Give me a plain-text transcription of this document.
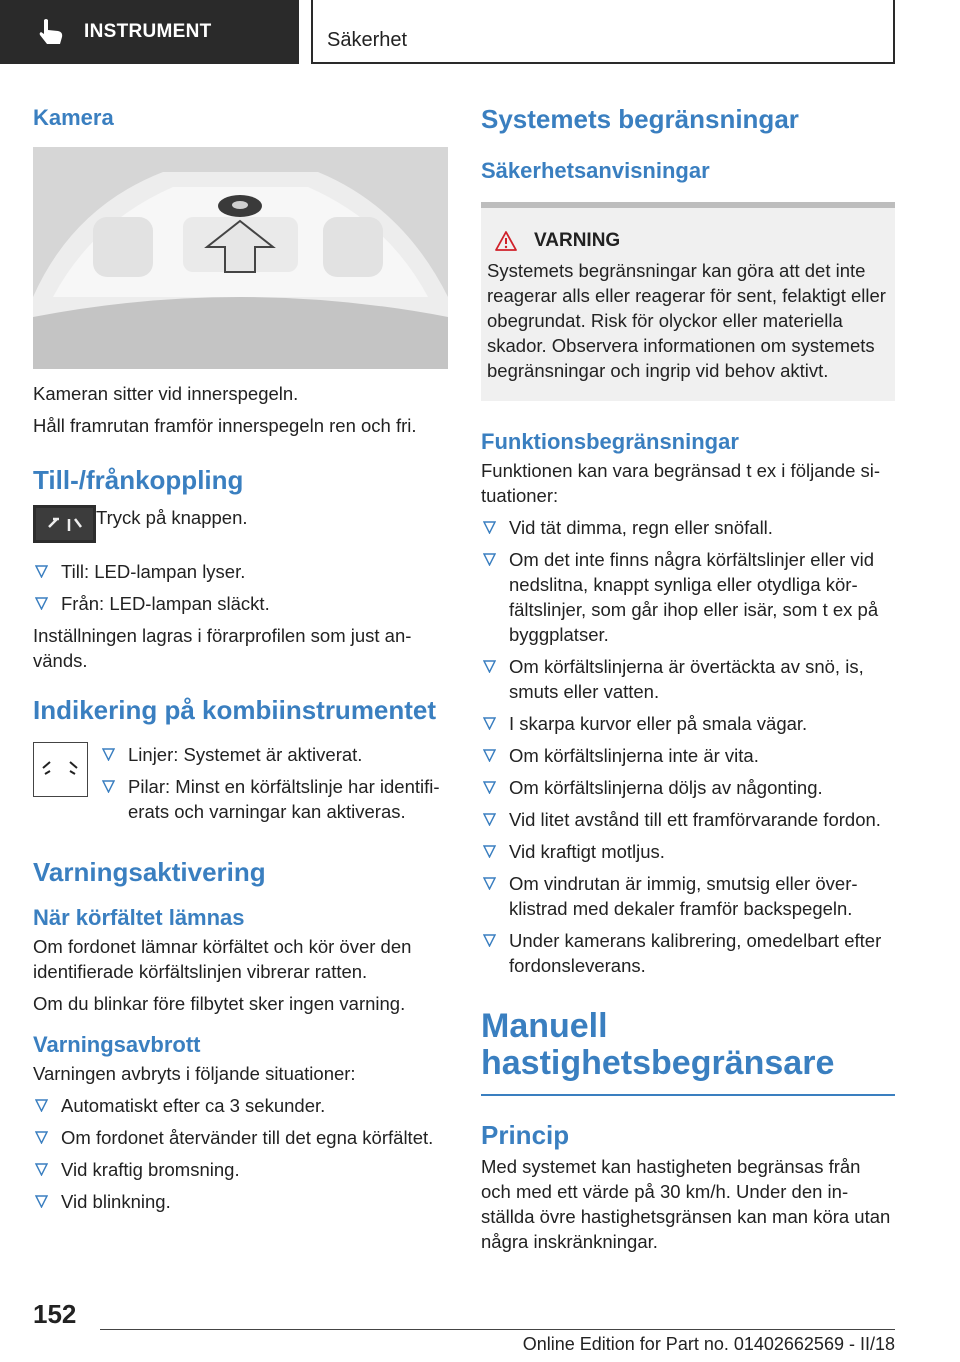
INSTRUMENT	Säkerhet
Kamera
Kameran sitter vid innerspegeln.
Håll framrutan framför innerspegeln ren och fri.
Till-/frånkoppling
Tryck på knappen.
Till: LED-lampan lyser.
Från: LED-lampan släckt.
Inställningen lagras i förarprofilen som just används.
Indikering på kombiinstrumentet
Linjer: Systemet är aktiverat.
Pilar: Minst en körfältslinje har identifierats och varningar kan aktiveras.
Varningsaktivering
När körfältet lämnas
Om fordonet lämnar körfältet och kör över den identifierade körfältslinjen vibrerar ratten.
Om du blinkar före filbytet sker ingen varning.
Varningsavbrott
Varningen avbryts i följande situationer:
Automatiskt efter ca 3 sekunder.
Om fordonet återvänder till det egna körfältet.
Vid kraftig bromsning.
Vid blinkning.
Systemets begränsningar
Säkerhetsanvisningar
VARNING
Systemets begränsningar kan göra att det inte reagerar alls eller reagerar för sent, felaktigt eller obegrundat. Risk för olyckor eller materiella skador. Observera informationen om systemets begränsningar och ingrip vid behov aktivt.
Funktionsbegränsningar
Funktionen kan vara begränsad t ex i följande situationer:
Vid tät dimma, regn eller snöfall.
Om det inte finns några körfältslinjer eller vid nedslitna, knappt synliga eller otydliga körfältslinjer, som går ihop eller isär, som t ex på byggplatser.
Om körfältslinjerna är övertäckta av snö, is, smuts eller vatten.
I skarpa kurvor eller på smala vägar.
Om körfältslinjerna inte är vita.
Om körfältslinjerna döljs av någonting.
Vid litet avstånd till ett framförvarande fordon.
Vid kraftigt motljus.
Om vindrutan är immig, smutsig eller överklistrad med dekaler framför backspegeln.
Under kamerans kalibrering, omedelbart efter fordonsleverans.
Manuell
hastighetsbegränsare
Princip
Med systemet kan hastigheten begränsas från och med ett värde på 30 km/h. Under den inställda övre hastighetsgränsen kan man köra utan några inskränkningar.
152
Online Edition for Part no. 01402662569 - II/18
